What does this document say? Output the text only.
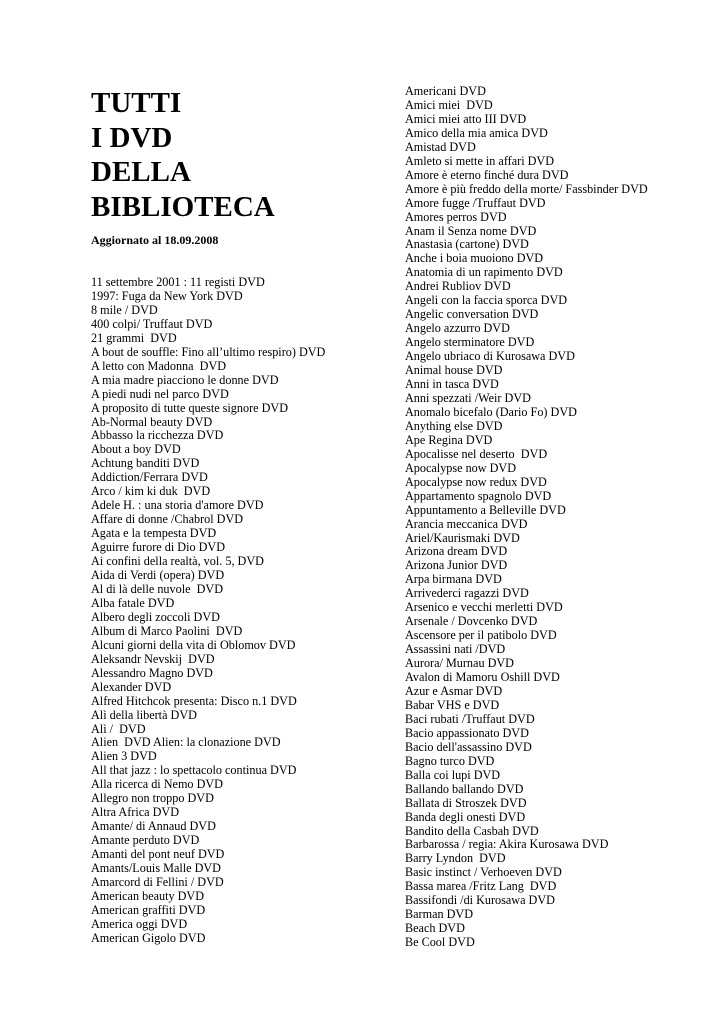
TUTTI
I DVD
DELLA
BIBLIOTECA
Aggiornato al 18.09.2008
11 settembre 2001 : 11 registi DVD
1997: Fuga da New York DVD
8 mile / DVD
400 colpi/ Truffaut DVD
21 grammi  DVD
A bout de souffle: Fino all’ultimo respiro) DVD
A letto con Madonna  DVD
A mia madre piacciono le donne DVD
A piedi nudi nel parco DVD
A proposito di tutte queste signore DVD
Ab-Normal beauty DVD
Abbasso la ricchezza DVD
About a boy DVD
Achtung banditi DVD
Addiction/Ferrara DVD
Arco / kim ki duk  DVD
Adele H. : una storia d'amore DVD
Affare di donne /Chabrol DVD
Agata e la tempesta DVD
Aguirre furore di Dio DVD
Ai confini della realtà, vol. 5, DVD
Aida di Verdi (opera) DVD
Al di là delle nuvole  DVD
Alba fatale DVD
Albero degli zoccoli DVD
Album di Marco Paolini  DVD
Alcuni giorni della vita di Oblomov DVD
Aleksandr Nevskij  DVD
Alessandro Magno DVD
Alexander DVD
Alfred Hitchcok presenta: Disco n.1 DVD
Alì della libertà DVD
Alì /  DVD
Alien  DVD Alien: la clonazione DVD
Alien 3 DVD
All that jazz : lo spettacolo continua DVD
Alla ricerca di Nemo DVD
Allegro non troppo DVD
Altra Africa DVD
Amante/ di Annaud DVD
Amante perduto DVD
Amanti del pont neuf DVD
Amants/Louis Malle DVD
Amarcord di Fellini / DVD
American beauty DVD
American graffiti DVD
America oggi DVD
American Gigolo DVD
Americani DVD
Amici miei  DVD
Amici miei atto III DVD
Amico della mia amica DVD
Amistad DVD
Amleto si mette in affari DVD
Amore è eterno finché dura DVD
Amore è più freddo della morte/ Fassbinder DVD
Amore fugge /Truffaut DVD
Amores perros DVD
Anam il Senza nome DVD
Anastasia (cartone) DVD
Anche i boia muoiono DVD
Anatomia di un rapimento DVD
Andrei Rubliov DVD
Angeli con la faccia sporca DVD
Angelic conversation DVD
Angelo azzurro DVD
Angelo sterminatore DVD
Angelo ubriaco di Kurosawa DVD
Animal house DVD
Anni in tasca DVD
Anni spezzati /Weir DVD
Anomalo bicefalo (Dario Fo) DVD
Anything else DVD
Ape Regina DVD
Apocalisse nel deserto  DVD
Apocalypse now DVD
Apocalypse now redux DVD
Appartamento spagnolo DVD
Appuntamento a Belleville DVD
Arancia meccanica DVD
Ariel/Kaurismaki DVD
Arizona dream DVD
Arizona Junior DVD
Arpa birmana DVD
Arrivederci ragazzi DVD
Arsenico e vecchi merletti DVD
Arsenale / Dovcenko DVD
Ascensore per il patibolo DVD
Assassini nati /DVD
Aurora/ Murnau DVD
Avalon di Mamoru Oshill DVD
Azur e Asmar DVD
Babar VHS e DVD
Baci rubati /Truffaut DVD
Bacio appassionato DVD
Bacio dell'assassino DVD
Bagno turco DVD
Balla coi lupi DVD
Ballando ballando DVD
Ballata di Stroszek DVD
Banda degli onesti DVD
Bandito della Casbah DVD
Barbarossa / regia: Akira Kurosawa DVD
Barry Lyndon  DVD
Basic instinct / Verhoeven DVD
Bassa marea /Fritz Lang  DVD
Bassifondi /di Kurosawa DVD
Barman DVD
Beach DVD
Be Cool DVD
